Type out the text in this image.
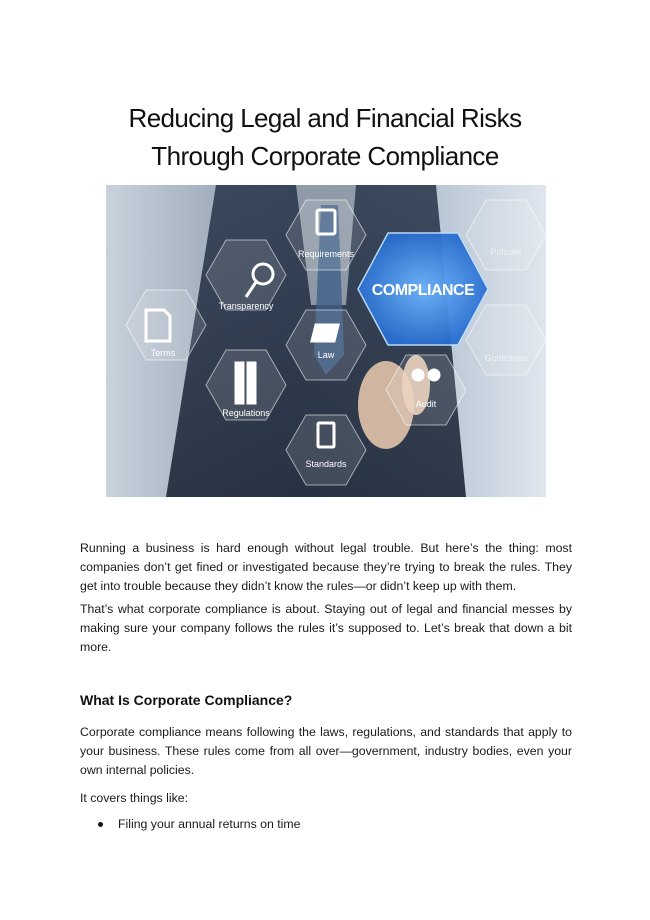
Reducing Legal and Financial Risks
Through Corporate Compliance
Requirements
Transparency
Terms	Law
Regulations
Standards
Audit
Policies
Guidelines
COMPLIANCE

Running a business is hard enough without legal trouble. But here’s the thing: most companies don’t get fined or investigated because they’re trying to break the rules. They get into trouble because they didn’t know the rules—or didn’t keep up with them.

That’s what corporate compliance is about. Staying out of legal and financial messes by making sure your company follows the rules it’s supposed to. Let’s break that down a bit more.

What Is Corporate Compliance?

Corporate compliance means following the laws, regulations, and standards that apply to your business. These rules come from all over—government, industry bodies, even your own internal policies.

It covers things like:

Filing your annual returns on time
